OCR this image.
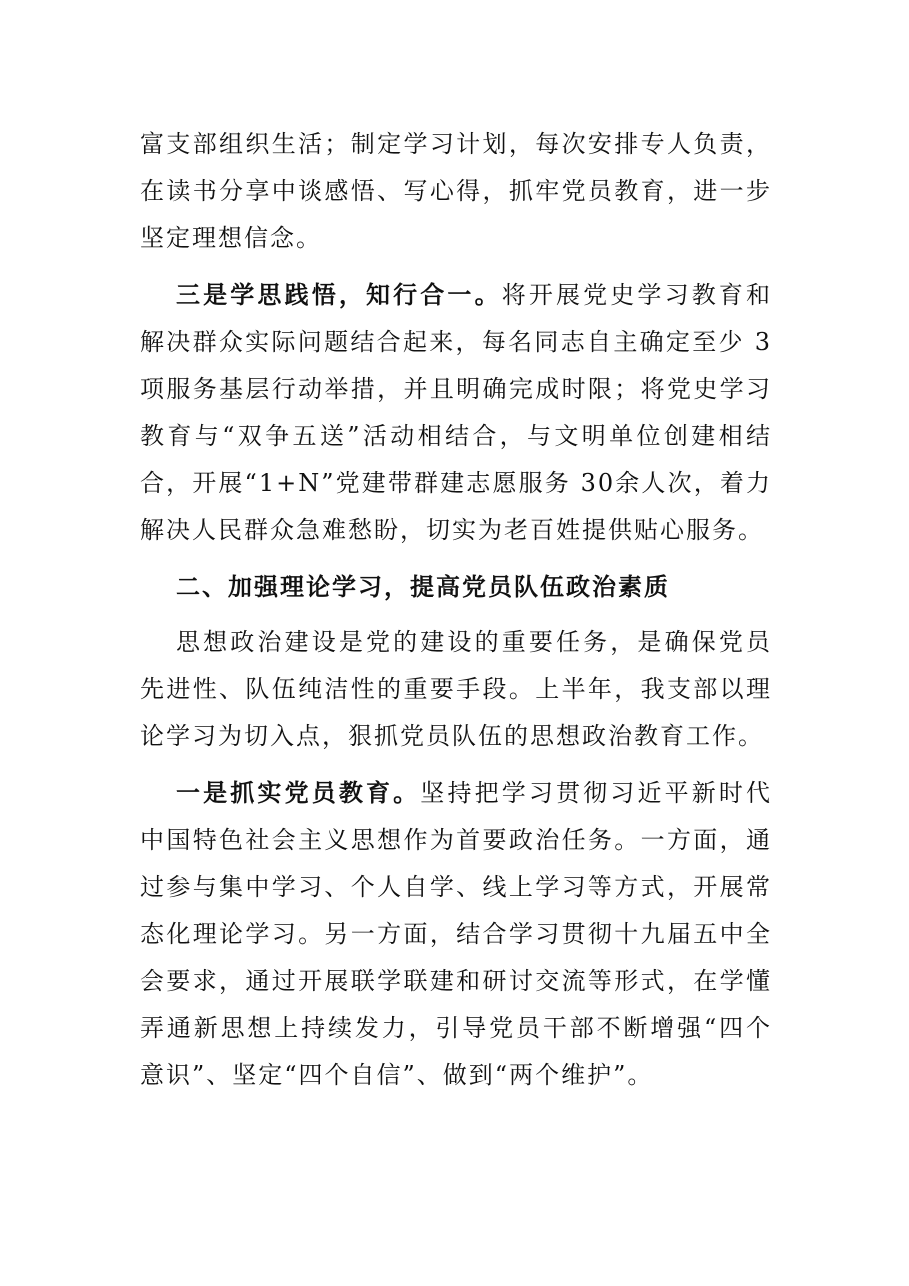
富支部组织生活；制定学习计划，每次安排专人负责，在读书分享中谈感悟、写心得，抓牢党员教育，进一步坚定理想信念。

三是学思践悟，知行合一。将开展党史学习教育和解决群众实际问题结合起来，每名同志自主确定至少 3项服务基层行动举措，并且明确完成时限；将党史学习教育与“双争五送”活动相结合，与文明单位创建相结合，开展“1+N”党建带群建志愿服务 30余人次，着力解决人民群众急难愁盼，切实为老百姓提供贴心服务。

二、加强理论学习，提高党员队伍政治素质

思想政治建设是党的建设的重要任务，是确保党员先进性、队伍纯洁性的重要手段。上半年，我支部以理论学习为切入点，狠抓党员队伍的思想政治教育工作。

一是抓实党员教育。坚持把学习贯彻习近平新时代中国特色社会主义思想作为首要政治任务。一方面，通过参与集中学习、个人自学、线上学习等方式，开展常态化理论学习。另一方面，结合学习贯彻十九届五中全会要求，通过开展联学联建和研讨交流等形式，在学懂弄通新思想上持续发力，引导党员干部不断增强“四个意识”、坚定“四个自信”、做到“两个维护”。
